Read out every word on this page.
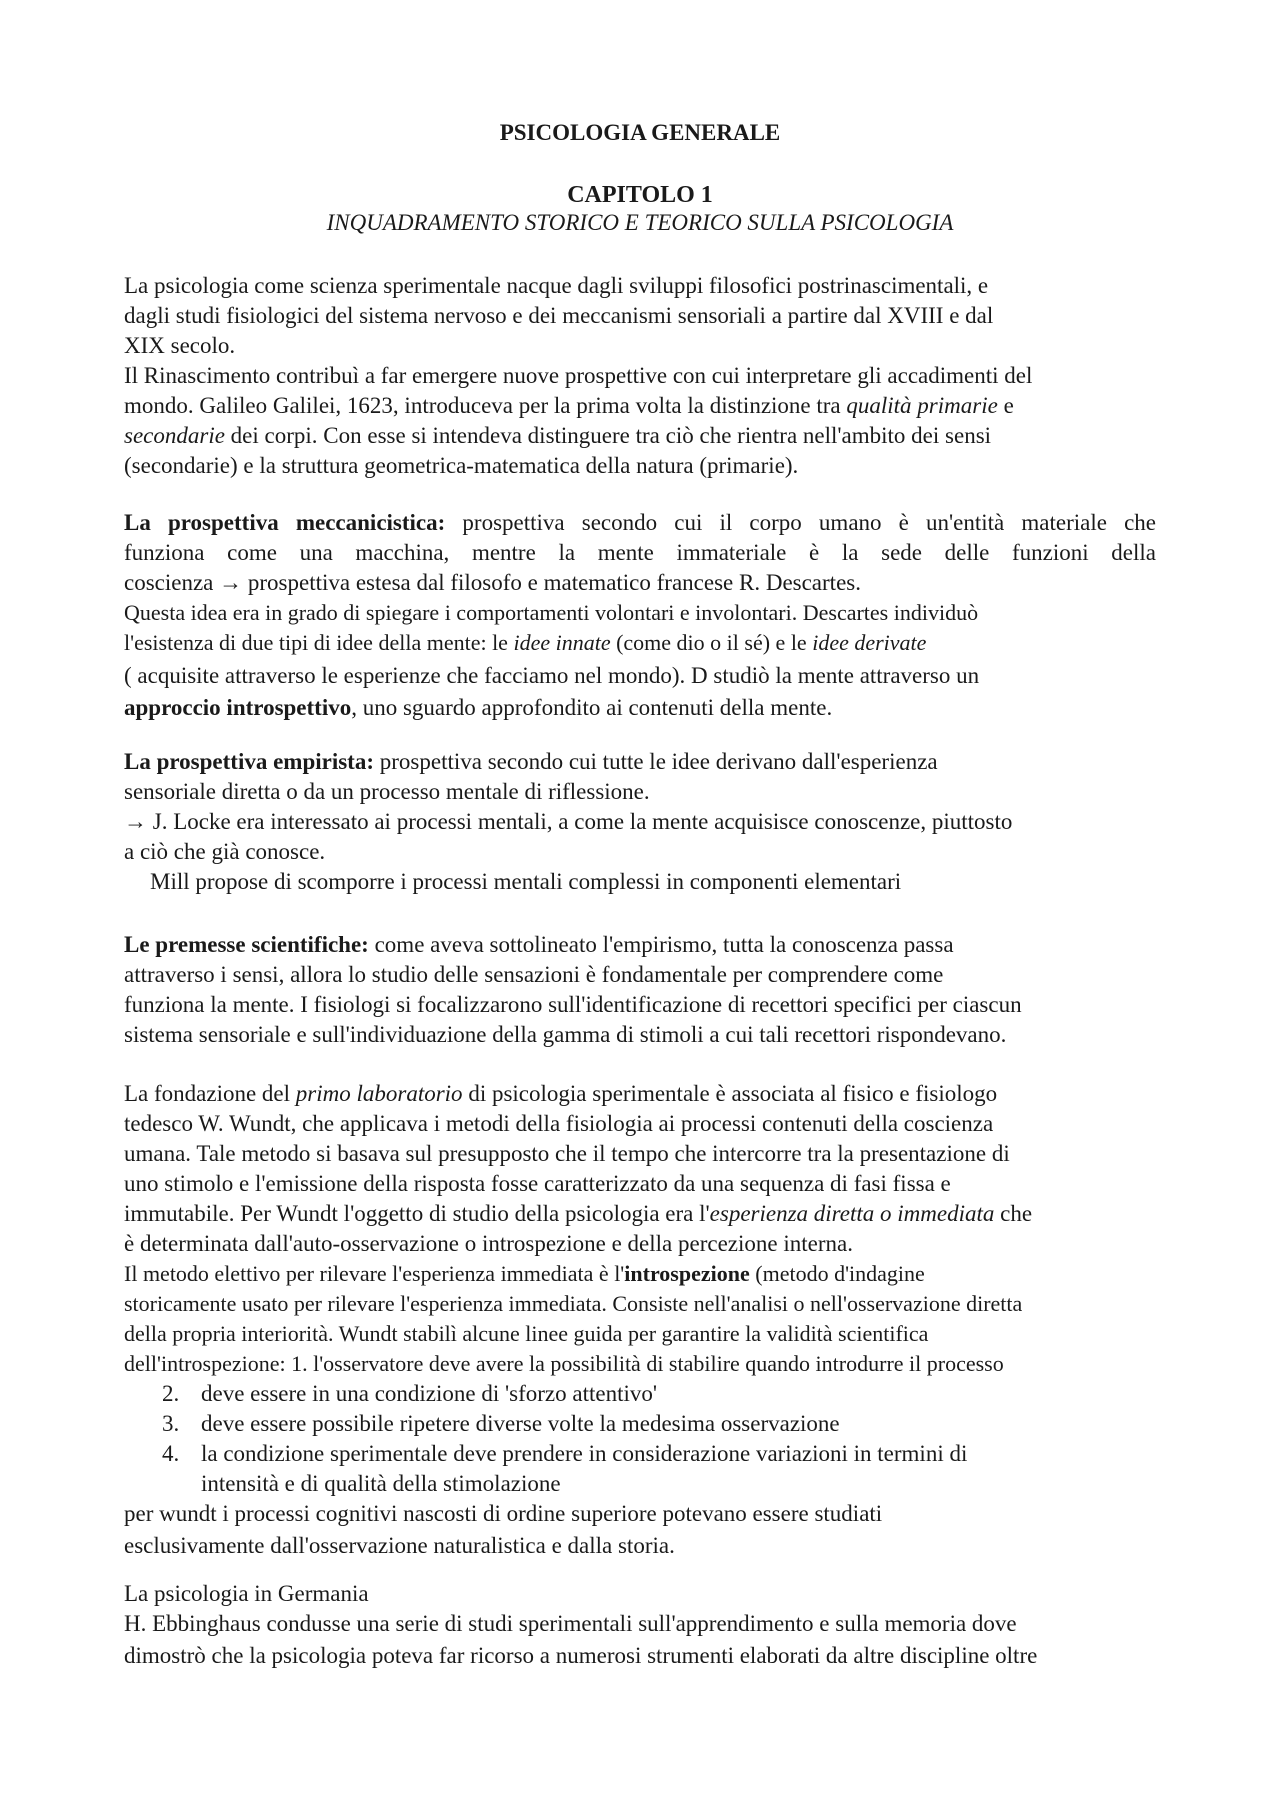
PSICOLOGIA GENERALE
CAPITOLO 1
INQUADRAMENTO STORICO E TEORICO SULLA PSICOLOGIA

La psicologia come scienza sperimentale nacque dagli sviluppi filosofici postrinascimentali, e

dagli studi fisiologici del sistema nervoso e dei meccanismi sensoriali a partire dal XVIII e dal

XIX secolo.

Il Rinascimento contribuì a far emergere nuove prospettive con cui interpretare gli accadimenti del

mondo. Galileo Galilei, 1623, introduceva per la prima volta la distinzione tra qualità primarie e

secondarie dei corpi. Con esse si intendeva distinguere tra ciò che rientra nell'ambito dei sensi

(secondarie) e la struttura geometrica-matematica della natura (primarie).

La prospettiva meccanicistica: prospettiva secondo cui il corpo umano è un'entità materiale che

funziona come una macchina, mentre la mente immateriale è la sede delle funzioni della

coscienza → prospettiva estesa dal filosofo e matematico francese R. Descartes.

Questa idea era in grado di spiegare i comportamenti volontari e involontari. Descartes individuò

l'esistenza di due tipi di idee della mente: le idee innate (come dio o il sé) e le idee derivate

( acquisite attraverso le esperienze che facciamo nel mondo). D studiò la mente attraverso un

approccio introspettivo, uno sguardo approfondito ai contenuti della mente.

La prospettiva empirista: prospettiva secondo cui tutte le idee derivano dall'esperienza

sensoriale diretta o da un processo mentale di riflessione.

→ J. Locke era interessato ai processi mentali, a come la mente acquisisce conoscenze, piuttosto

a ciò che già conosce.

Mill propose di scomporre i processi mentali complessi in componenti elementari

Le premesse scientifiche: come aveva sottolineato l'empirismo, tutta la conoscenza passa

attraverso i sensi, allora lo studio delle sensazioni è fondamentale per comprendere come

funziona la mente. I fisiologi si focalizzarono sull'identificazione di recettori specifici per ciascun

sistema sensoriale e sull'individuazione della gamma di stimoli a cui tali recettori rispondevano.

La fondazione del primo laboratorio di psicologia sperimentale è associata al fisico e fisiologo

tedesco W. Wundt, che applicava i metodi della fisiologia ai processi contenuti della coscienza

umana. Tale metodo si basava sul presupposto che il tempo che intercorre tra la presentazione di

uno stimolo e l'emissione della risposta fosse caratterizzato da una sequenza di fasi fissa e

immutabile. Per Wundt l'oggetto di studio della psicologia era l'esperienza diretta o immediata che

è determinata dall'auto-osservazione o introspezione e della percezione interna.

Il metodo elettivo per rilevare l'esperienza immediata è l'introspezione (metodo d'indagine

storicamente usato per rilevare l'esperienza immediata. Consiste nell'analisi o nell'osservazione diretta

della propria interiorità. Wundt stabilì alcune linee guida per garantire la validità scientifica

dell'introspezione: 1. l'osservatore deve avere la possibilità di stabilire quando introdurre il processo

2. deve essere in una condizione di 'sforzo attentivo'
3. deve essere possibile ripetere diverse volte la medesima osservazione
4. la condizione sperimentale deve prendere in considerazione variazioni in termini di
intensità e di qualità della stimolazione

per wundt i processi cognitivi nascosti di ordine superiore potevano essere studiati

esclusivamente dall'osservazione naturalistica e dalla storia.

La psicologia in Germania

H. Ebbinghaus condusse una serie di studi sperimentali sull'apprendimento e sulla memoria dove

dimostrò che la psicologia poteva far ricorso a numerosi strumenti elaborati da altre discipline oltre
